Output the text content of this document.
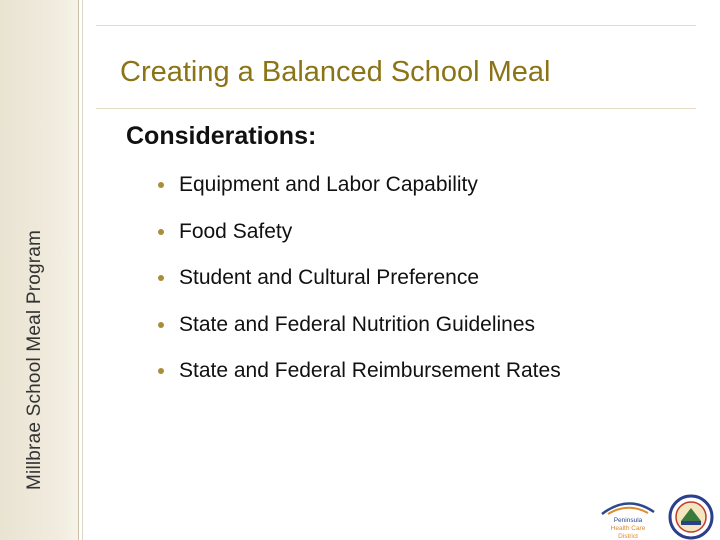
Millbrae School Meal Program
Creating a Balanced School Meal
Considerations:
Equipment and Labor Capability
Food Safety
Student and Cultural Preference
State and Federal Nutrition Guidelines
State and Federal Reimbursement Rates
Peninsula
Health Care
District
